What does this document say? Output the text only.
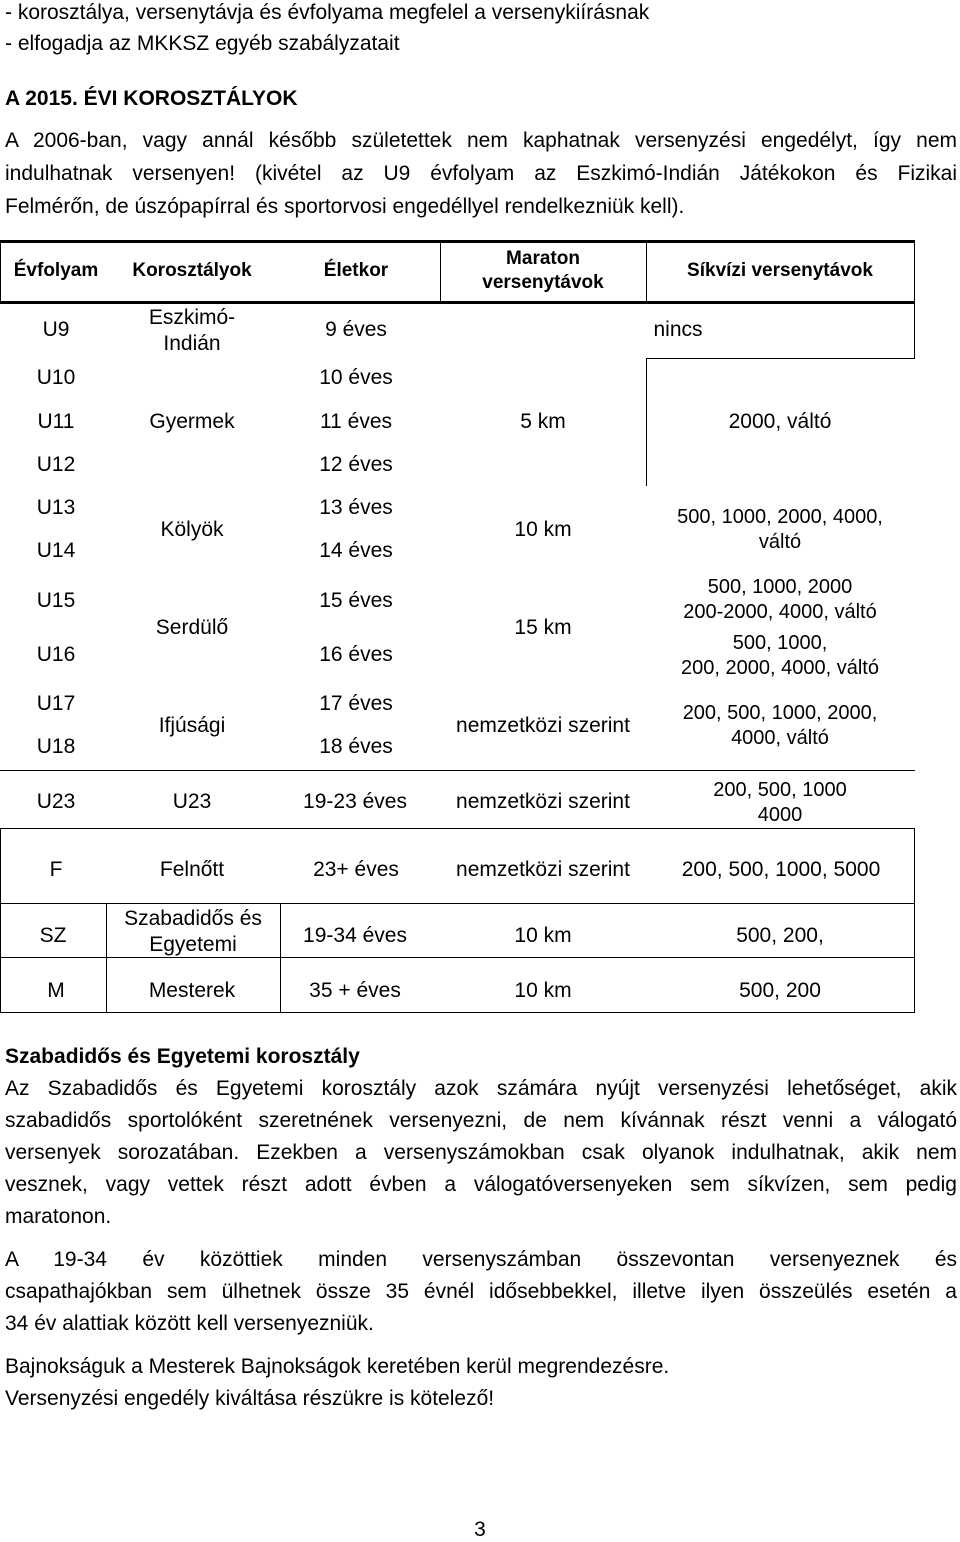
- korosztálya, versenytávja és évfolyama megfelel a versenykiírásnak
- elfogadja az MKKSZ egyéb szabályzatait
A 2015. ÉVI KOROSZTÁLYOK
A 2006-ban, vagy annál később születettek nem kaphatnak versenyzési engedélyt, így nem
indulhatnak versenyen! (kivétel az U9 évfolyam az Eszkimó-Indián Játékokon és Fizikai
Felmérőn, de úszópapírral és sportorvosi engedéllyel rendelkezniük kell).
Évfolyam	Korosztályok	Életkor
Maraton versenytávok
Síkvízi versenytávok
U9
U10
U11
U12
U13
U14
U15
U16
U17
U18
U23
F
SZ
M
Eszkimó-
Indián
Gyermek
Kölyök
Serdülő
Ifjúsági
U23
Felnőtt
Szabadidős és
Egyetemi
Mesterek
9 éves
10 éves
11 éves
12 éves
13 éves
14 éves
15 éves
16 éves
17 éves
18 éves
19-23 éves
23+ éves
19-34 éves
35 + éves
nincs
5 km
10 km
15 km
nemzetközi szerint
nemzetközi szerint
nemzetközi szerint
10 km
10 km
2000, váltó
500, 1000, 2000, 4000,
váltó
500, 1000, 2000
200-2000, 4000, váltó
500, 1000,
200, 2000, 4000, váltó
200, 500, 1000, 2000,
4000, váltó
200, 500, 1000
4000
200, 500, 1000, 5000
500, 200,
500, 200
Szabadidős és Egyetemi korosztály
Az Szabadidős és Egyetemi korosztály azok számára nyújt versenyzési lehetőséget, akik
szabadidős sportolóként szeretnének versenyezni, de nem kívánnak részt venni a válogató
versenyek sorozatában. Ezekben a versenyszámokban csak olyanok indulhatnak, akik nem
vesznek, vagy vettek részt adott évben a válogatóversenyeken sem síkvízen, sem pedig
maratonon.
A 19-34 év közöttiek minden versenyszámban összevontan versenyeznek és
csapathajókban sem ülhetnek össze 35 évnél idősebbekkel, illetve ilyen összeülés esetén a
34 év alattiak között kell versenyezniük.
Bajnokságuk a Mesterek Bajnokságok keretében kerül megrendezésre.
Versenyzési engedély kiváltása részükre is kötelező!
3
